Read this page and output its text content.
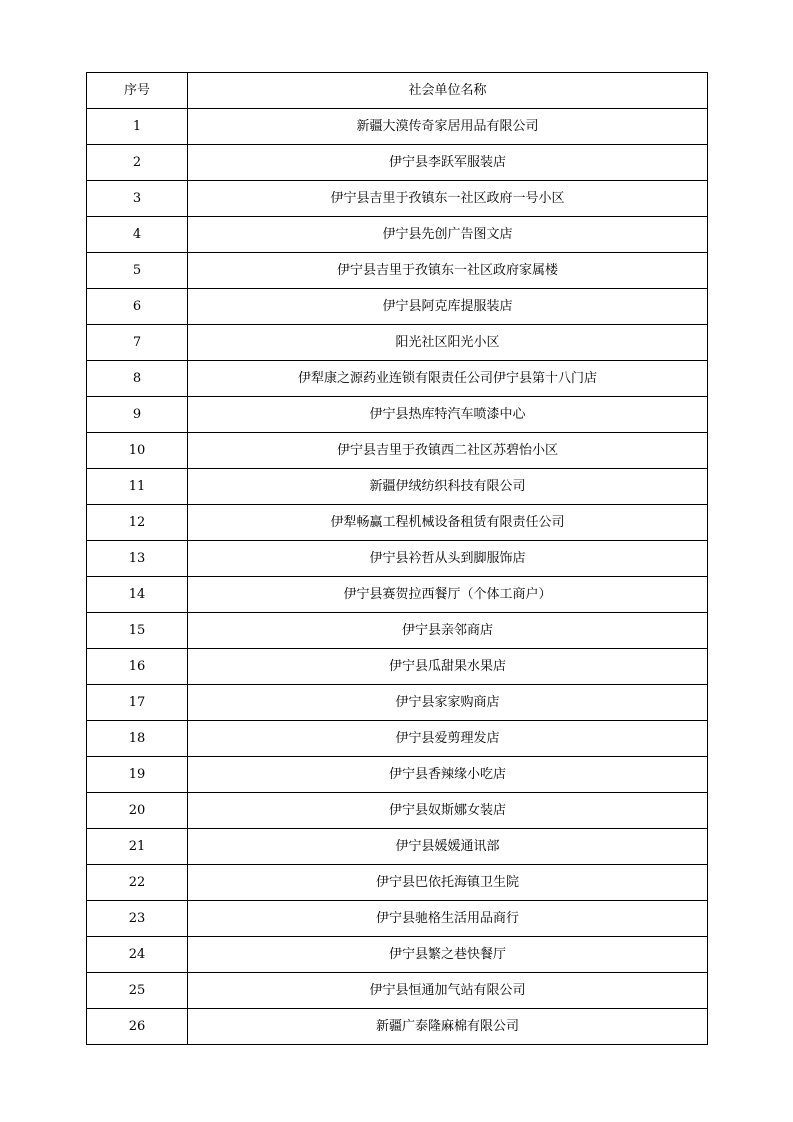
序号	社会单位名称
1	新疆大漠传奇家居用品有限公司
2	伊宁县李跃军服装店
3	伊宁县吉里于孜镇东一社区政府一号小区
4	伊宁县先创广告图文店
5	伊宁县吉里于孜镇东一社区政府家属楼
6	伊宁县阿克库提服装店
7	阳光社区阳光小区
8	伊犁康之源药业连锁有限责任公司伊宁县第十八门店
9	伊宁县热库特汽车喷漆中心
10	伊宁县吉里于孜镇西二社区苏碧怡小区
11	新疆伊绒纺织科技有限公司
12	伊犁畅赢工程机械设备租赁有限责任公司
13	伊宁县衿哲从头到脚服饰店
14	伊宁县赛贺拉西餐厅（个体工商户）
15	伊宁县亲邻商店
16	伊宁县瓜甜果水果店
17	伊宁县家家购商店
18	伊宁县爱剪理发店
19	伊宁县香辣缘小吃店
20	伊宁县奴斯娜女装店
21	伊宁县媛媛通讯部
22	伊宁县巴依托海镇卫生院
23	伊宁县驰格生活用品商行
24	伊宁县繁之巷快餐厅
25	伊宁县恒通加气站有限公司
26	新疆广泰隆麻棉有限公司
